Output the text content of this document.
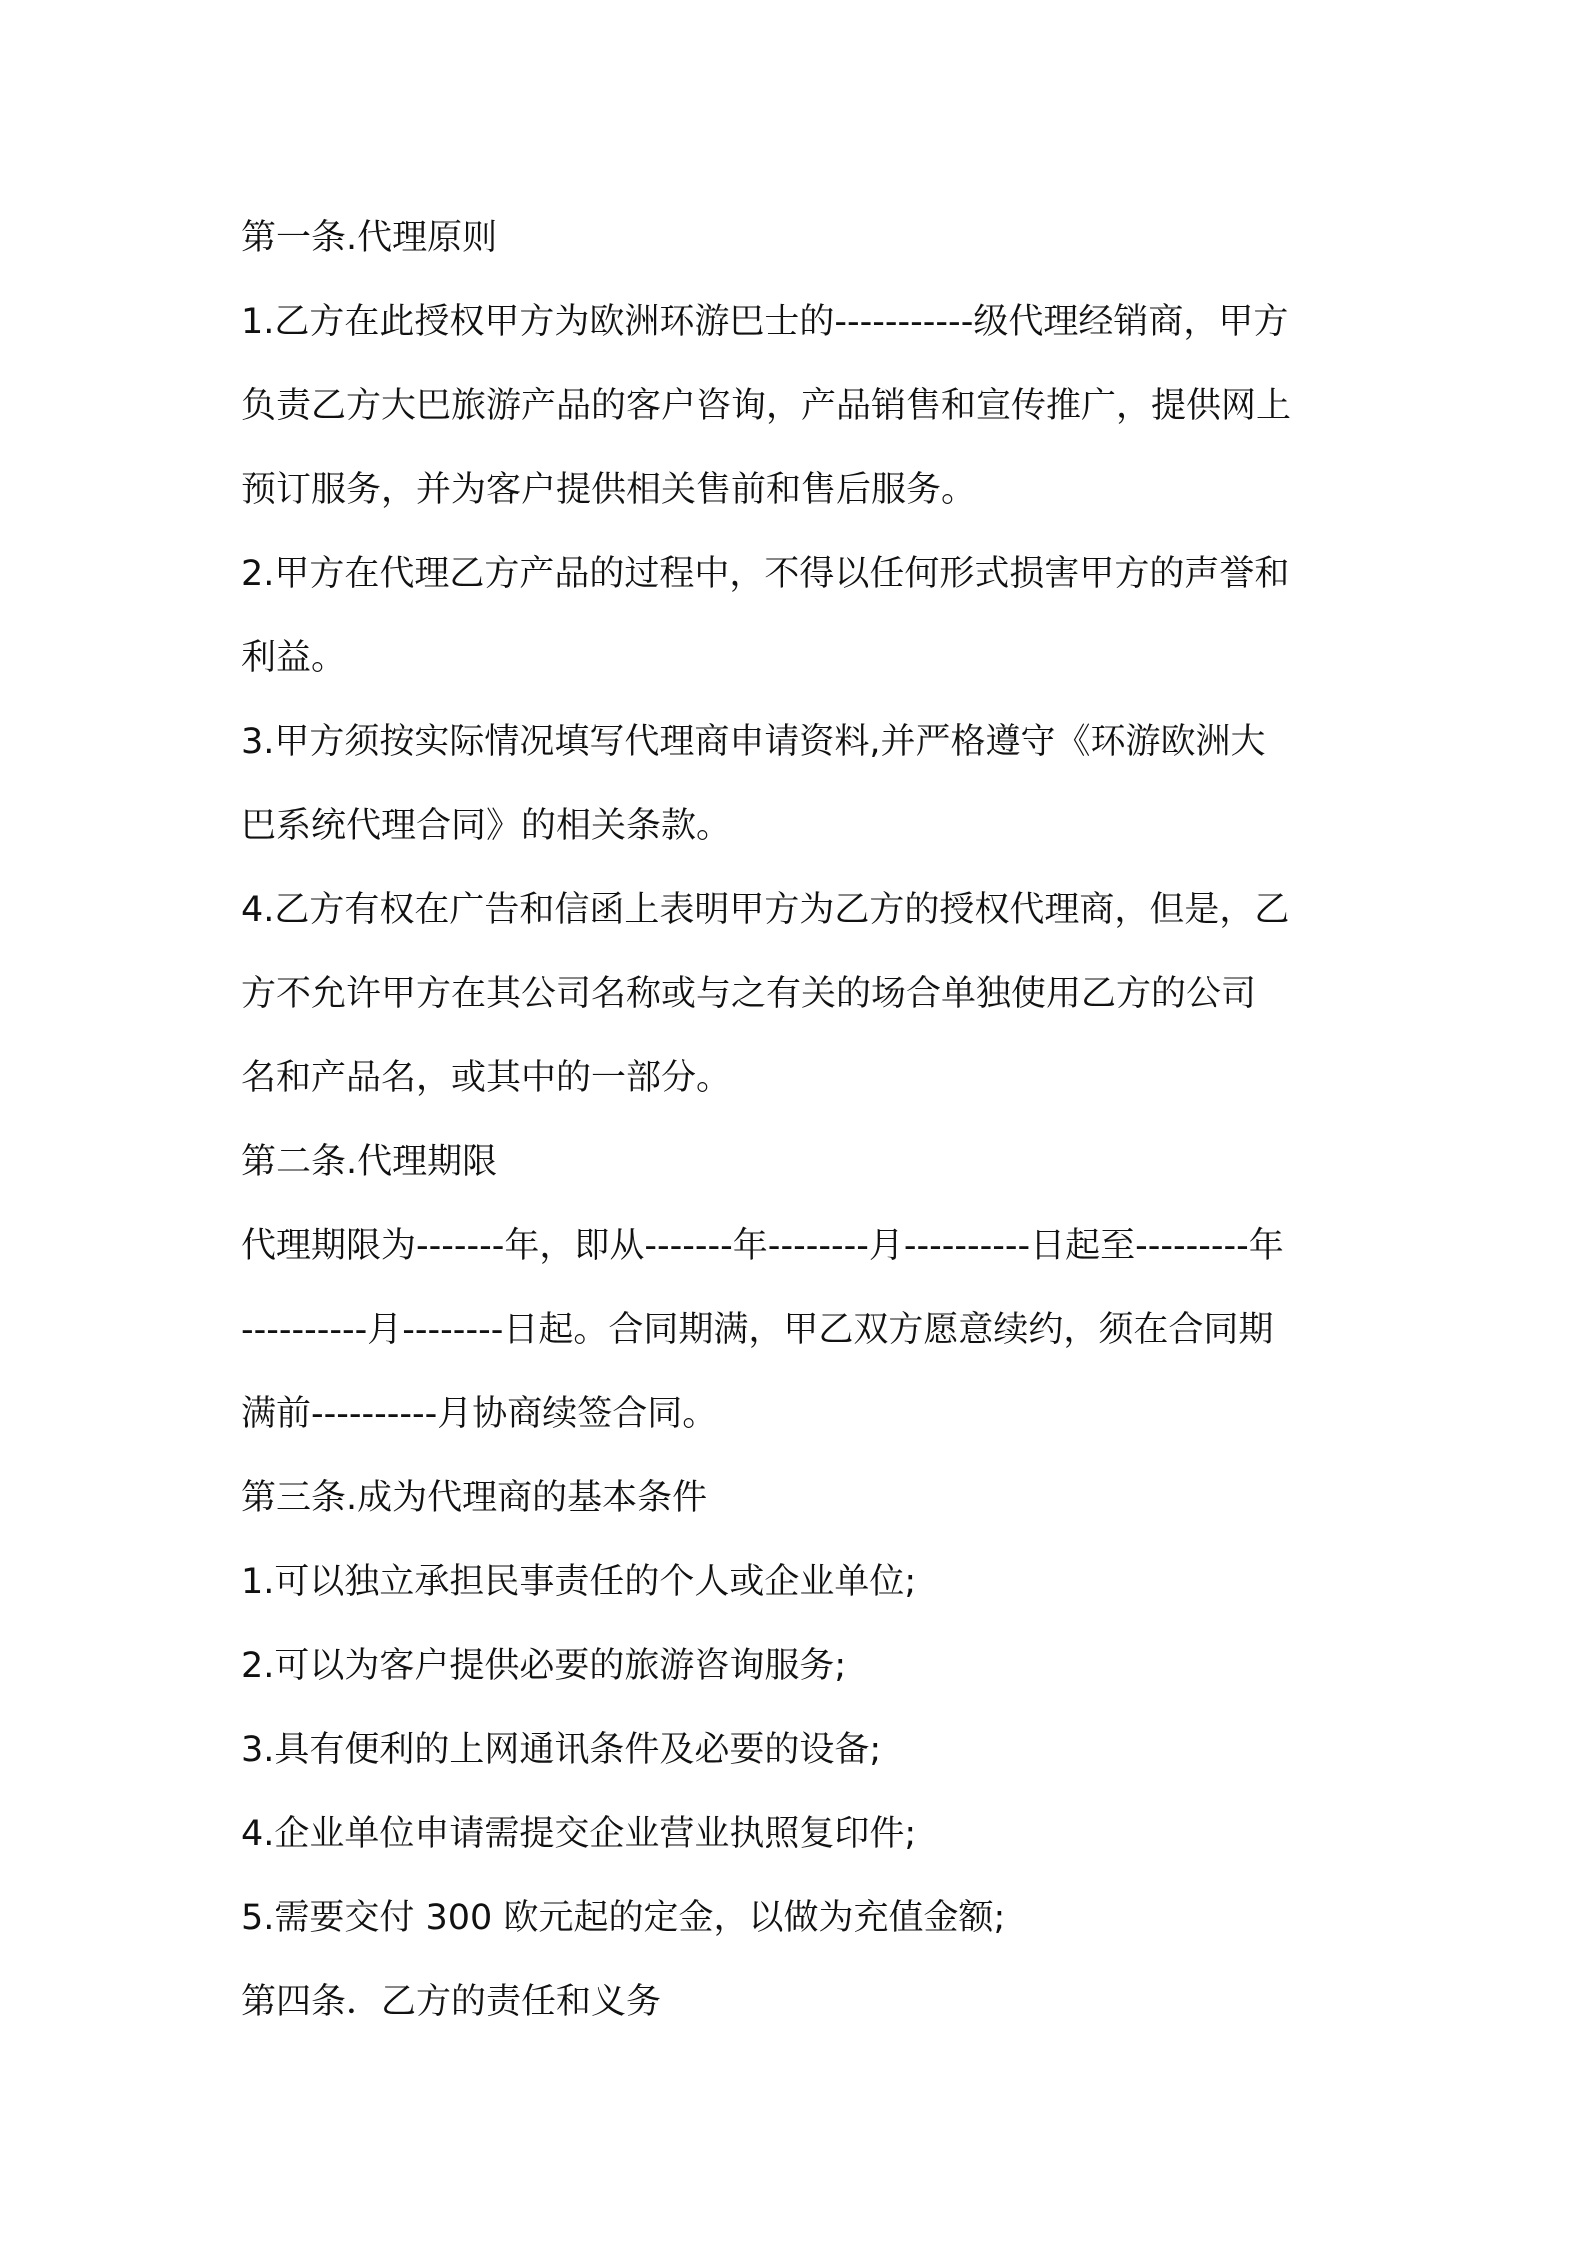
第一条.代理原则
1.乙方在此授权甲方为欧洲环游巴士的-----------级代理经销商，甲方
负责乙方大巴旅游产品的客户咨询，产品销售和宣传推广，提供网上
预订服务，并为客户提供相关售前和售后服务。
2.甲方在代理乙方产品的过程中，不得以任何形式损害甲方的声誉和
利益。
3.甲方须按实际情况填写代理商申请资料,并严格遵守《环游欧洲大
巴系统代理合同》的相关条款。
4.乙方有权在广告和信函上表明甲方为乙方的授权代理商，但是，乙
方不允许甲方在其公司名称或与之有关的场合单独使用乙方的公司
名和产品名，或其中的一部分。
第二条.代理期限
代理期限为-------年，即从-------年--------月----------日起至---------年
----------月--------日起。合同期满，甲乙双方愿意续约，须在合同期
满前----------月协商续签合同。
第三条.成为代理商的基本条件
1.可以独立承担民事责任的个人或企业单位;
2.可以为客户提供必要的旅游咨询服务;
3.具有便利的上网通讯条件及必要的设备;
4.企业单位申请需提交企业营业执照复印件;
5.需要交付 300 欧元起的定金，以做为充值金额;
第四条．乙方的责任和义务
